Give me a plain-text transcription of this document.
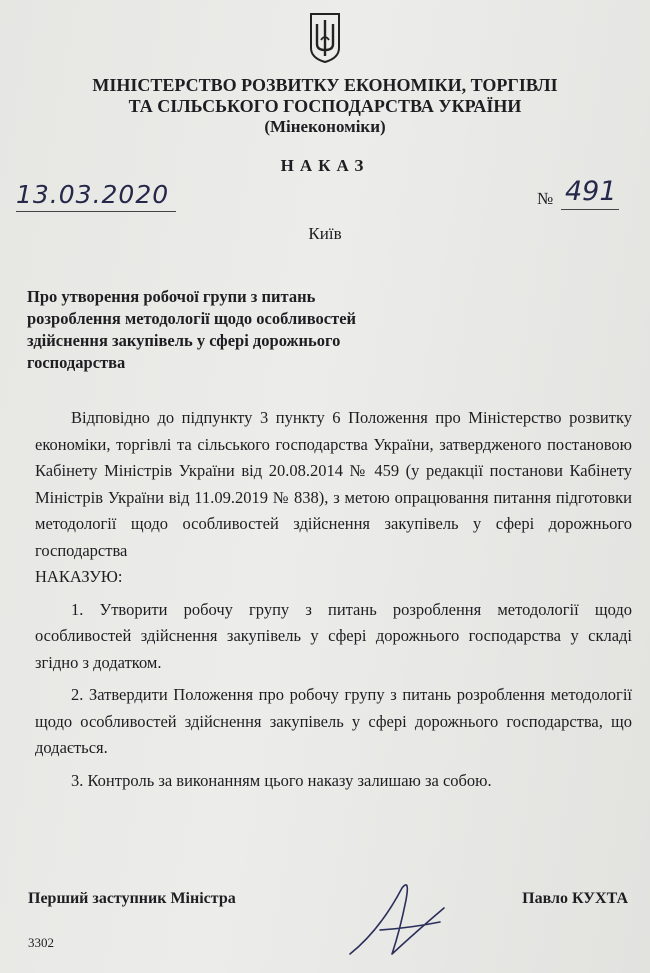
МІНІСТЕРСТВО РОЗВИТКУ ЕКОНОМІКИ, ТОРГІВЛІ
ТА СІЛЬСЬКОГО ГОСПОДАРСТВА УКРАЇНИ
(Мінекономіки)
НАКАЗ
13.03.2020	№ 491
Київ
Про утворення робочої групи з питань розроблення методології щодо особливостей здійснення закупівель у сфері дорожнього господарства

Відповідно до підпункту 3 пункту 6 Положення про Міністерство розвитку економіки, торгівлі та сільського господарства України, затвердженого постановою Кабінету Міністрів України від 20.08.2014 № 459 (у редакції постанови Кабінету Міністрів України від 11.09.2019 № 838), з метою опрацювання питання підготовки методології щодо особливостей здійснення закупівель у сфері дорожнього господарства

НАКАЗУЮ:

1. Утворити робочу групу з питань розроблення методології щодо особливостей здійснення закупівель у сфері дорожнього господарства у складі згідно з додатком.

2. Затвердити Положення про робочу групу з питань розроблення методології щодо особливостей здійснення закупівель у сфері дорожнього господарства, що додається.

3. Контроль за виконанням цього наказу залишаю за собою.

Перший заступник Міністра	Павло КУХТА
3302
